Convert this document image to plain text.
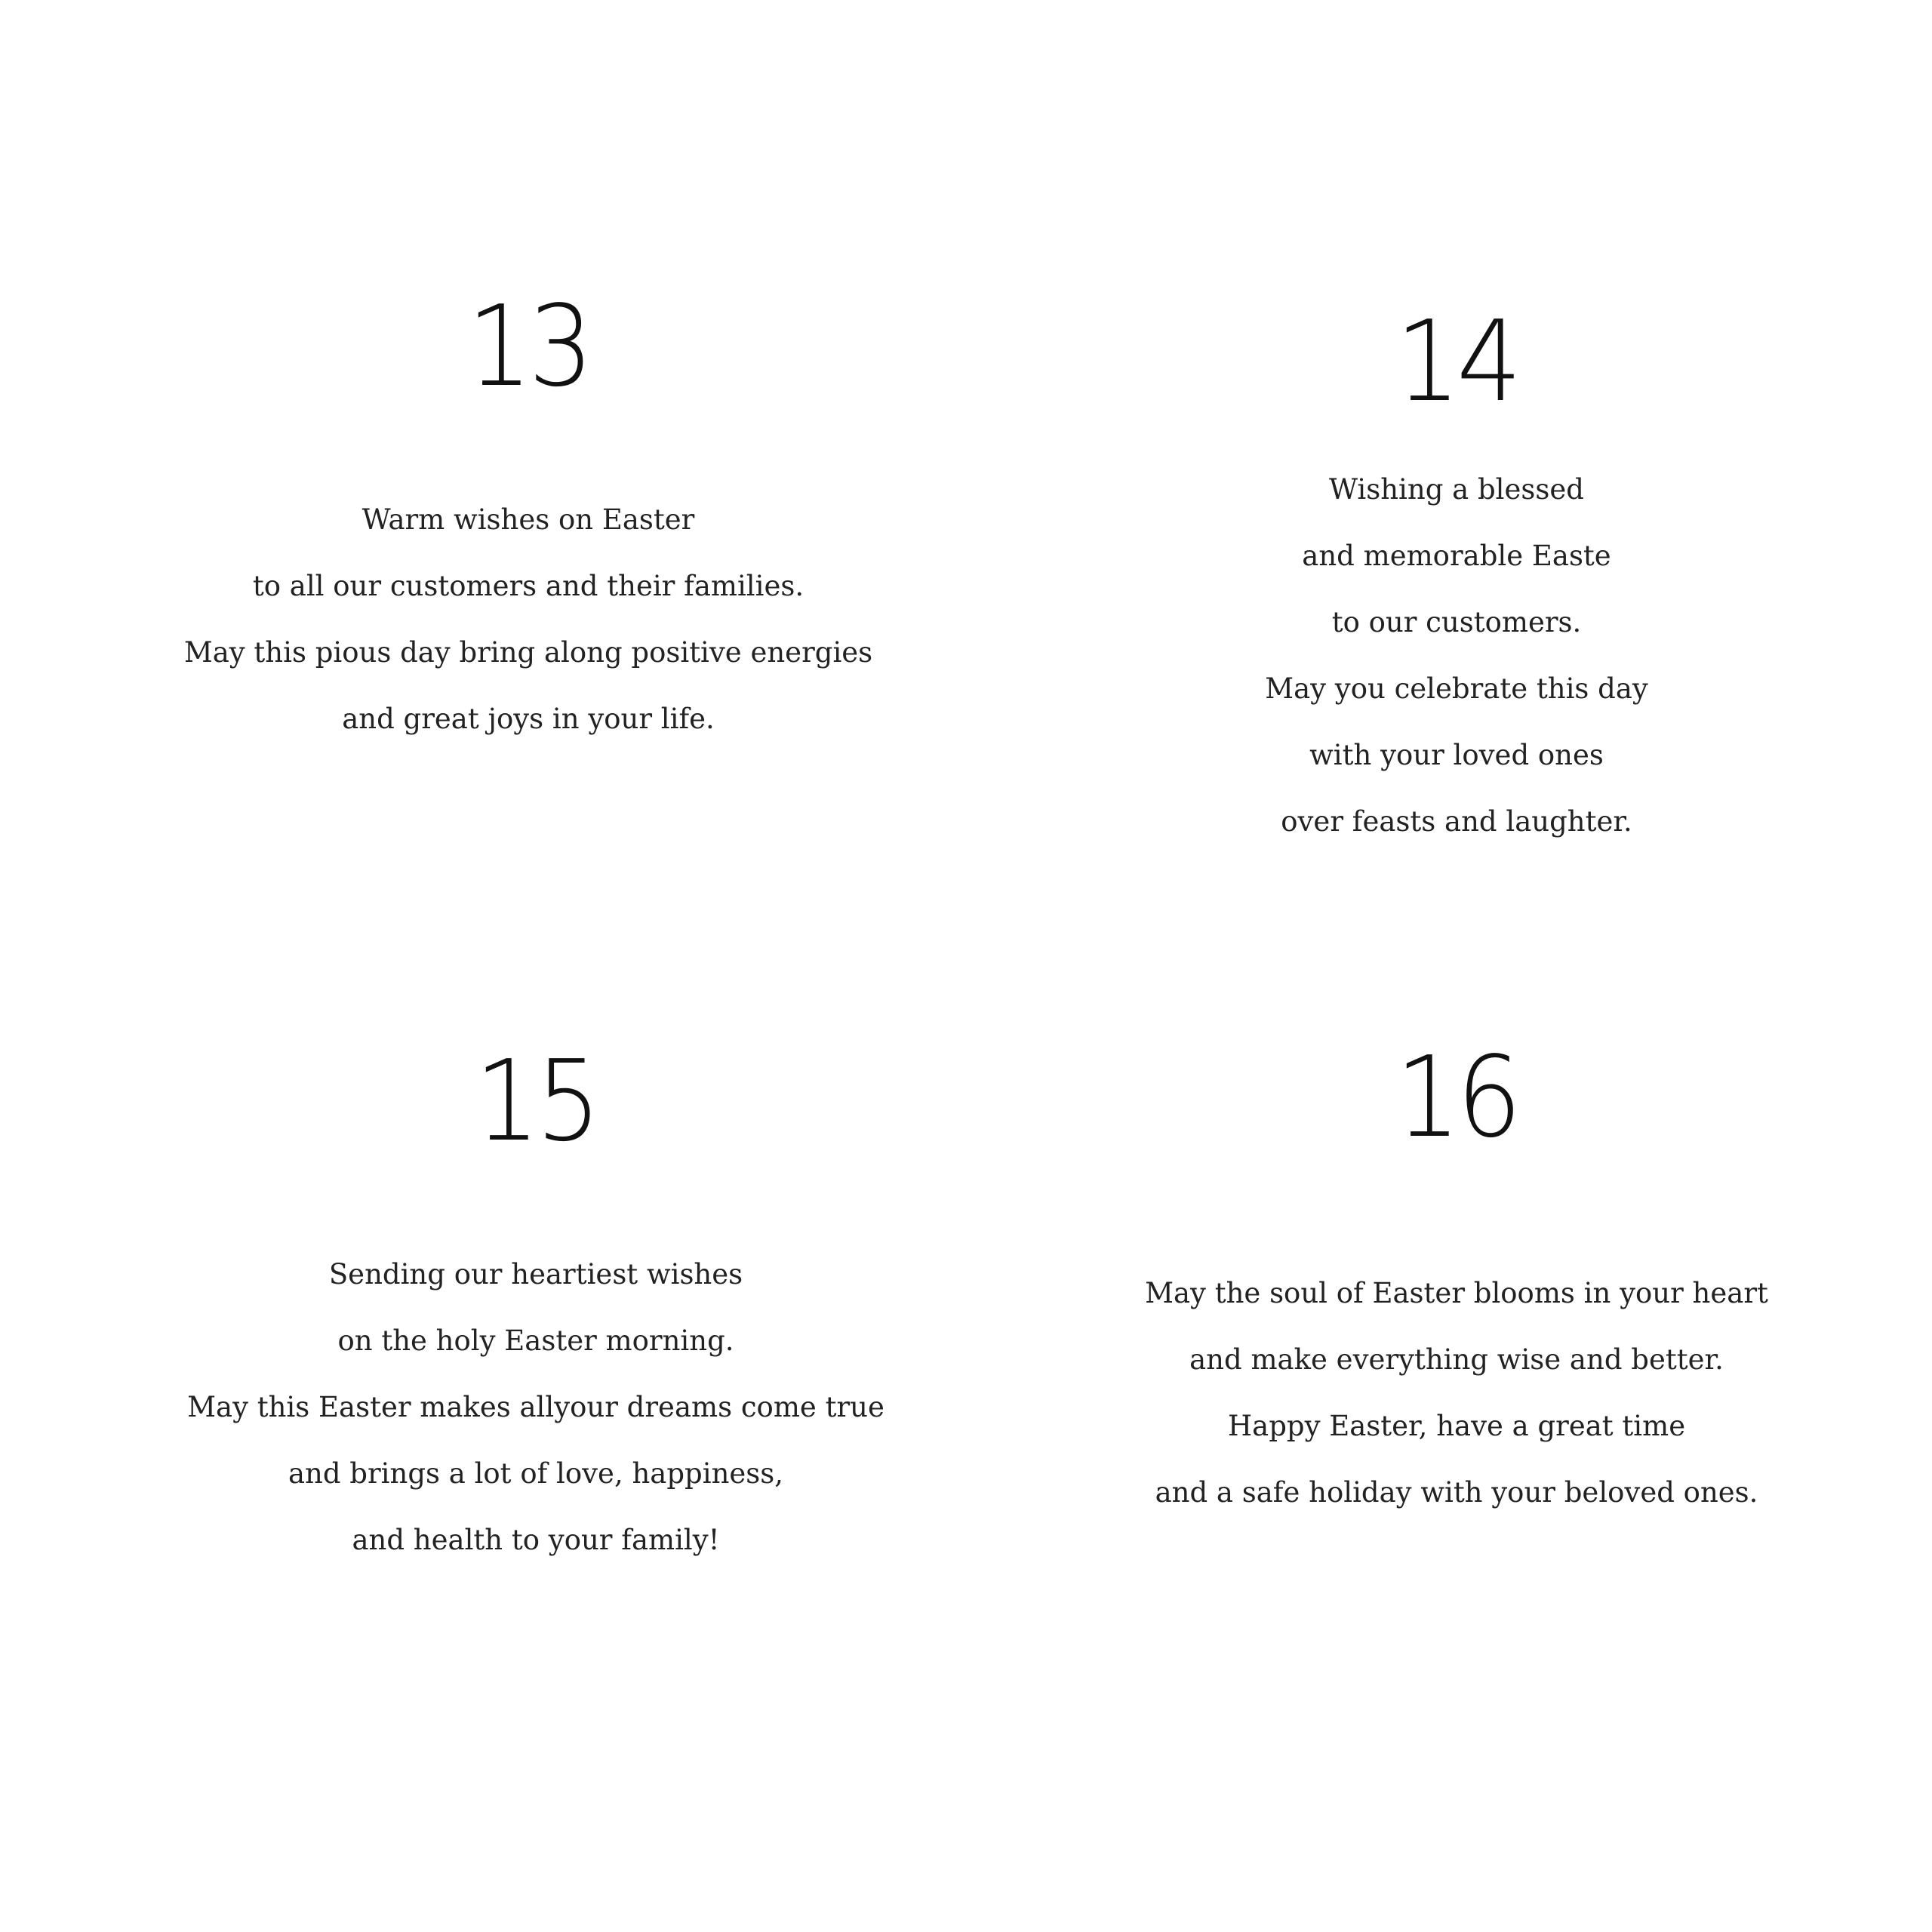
13
Warm wishes on Easter
to all our customers and their families.
May this pious day bring along positive energies
and great joys in your life.
14
Wishing a blessed
and memorable Easte
to our customers.
May you celebrate this day
with your loved ones
over feasts and laughter.
15
Sending our heartiest wishes
on the holy Easter morning.
May this Easter makes allyour dreams come true
and brings a lot of love, happiness,
and health to your family!
16
May the soul of Easter blooms in your heart
and make everything wise and better.
Happy Easter, have a great time
and a safe holiday with your beloved ones.
